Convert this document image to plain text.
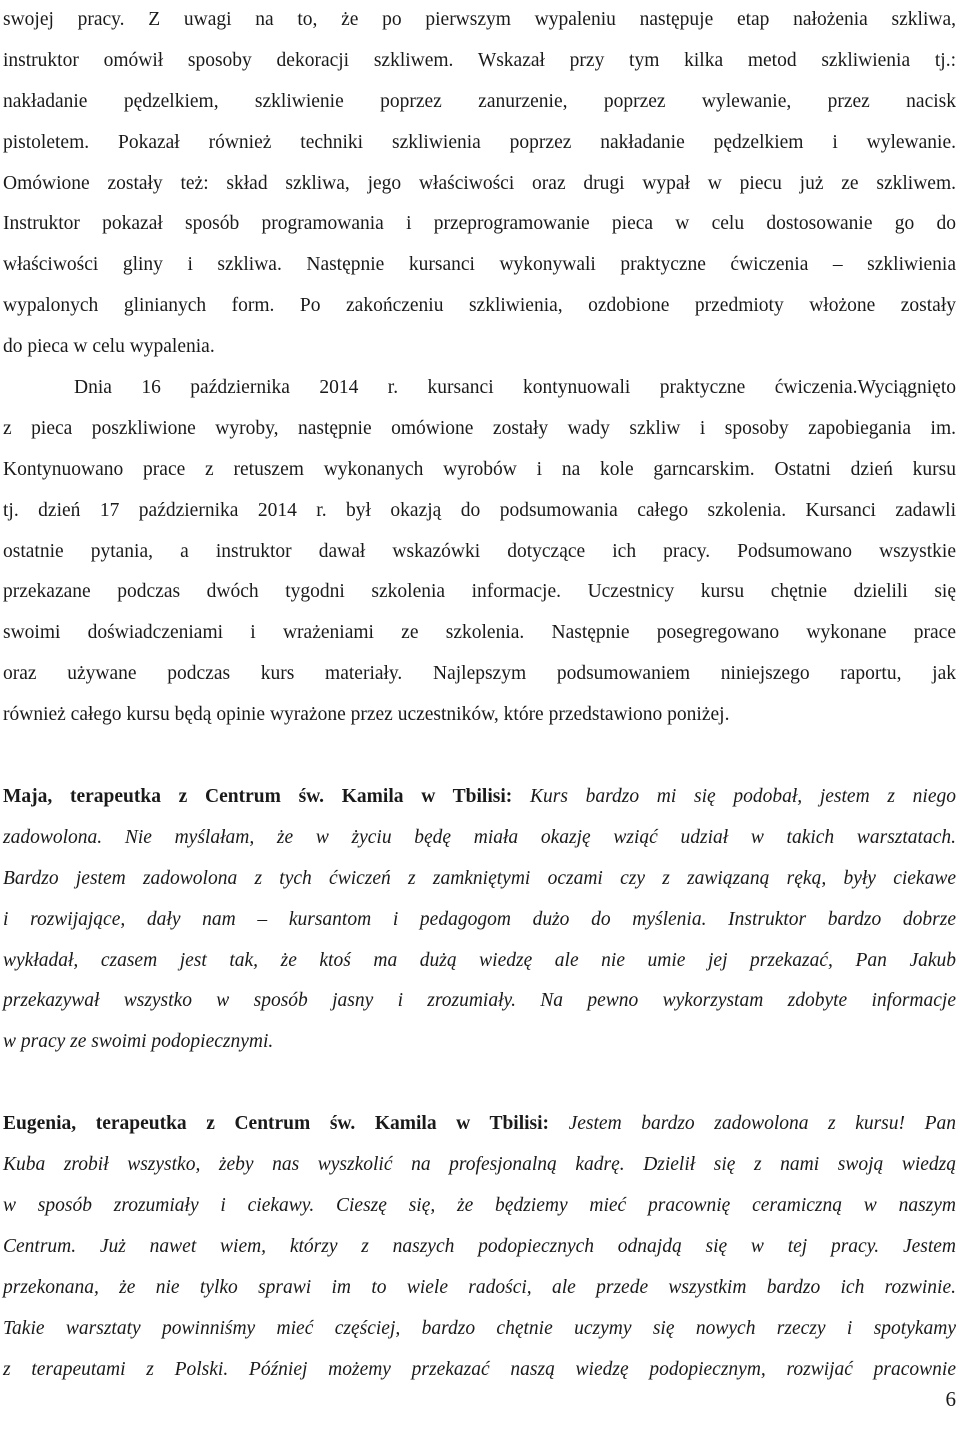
swojej pracy. Z uwagi na to, że po pierwszym wypaleniu następuje etap nałożenia szkliwa,
instruktor omówił sposoby dekoracji szkliwem. Wskazał przy tym kilka metod szkliwienia tj.:
nakładanie pędzelkiem, szkliwienie poprzez zanurzenie, poprzez wylewanie, przez nacisk
pistoletem. Pokazał również techniki szkliwienia poprzez nakładanie pędzelkiem i wylewanie.
Omówione zostały też: skład szkliwa, jego właściwości oraz drugi wypał w piecu już ze szkliwem.
Instruktor pokazał sposób programowania i przeprogramowanie pieca w celu dostosowanie go do
właściwości gliny i szkliwa. Następnie kursanci wykonywali praktyczne ćwiczenia – szkliwienia
wypalonych glinianych form. Po zakończeniu szkliwienia, ozdobione przedmioty włożone zostały
do pieca w celu wypalenia.
Dnia 16 października 2014 r. kursanci kontynuowali praktyczne ćwiczenia.Wyciągnięto
z pieca poszkliwione wyroby, następnie omówione zostały wady szkliw i sposoby zapobiegania im.
Kontynuowano prace z retuszem wykonanych wyrobów i na kole garncarskim. Ostatni dzień kursu
tj. dzień 17 października 2014 r. był okazją do podsumowania całego szkolenia. Kursanci zadawli
ostatnie pytania, a instruktor dawał wskazówki dotyczące ich pracy. Podsumowano wszystkie
przekazane podczas dwóch tygodni szkolenia informacje. Uczestnicy kursu chętnie dzielili się
swoimi doświadczeniami i wrażeniami ze szkolenia. Następnie posegregowano wykonane prace
oraz używane podczas kurs materiały. Najlepszym podsumowaniem niniejszego raportu, jak
również całego kursu będą opinie wyrażone przez uczestników, które przedstawiono poniżej.
Maja, terapeutka z Centrum św. Kamila w Tbilisi: Kurs bardzo mi się podobał, jestem z niego
zadowolona. Nie myślałam, że w życiu będę miała okazję wziąć udział w takich warsztatach.
Bardzo jestem zadowolona z tych ćwiczeń z zamkniętymi oczami czy z zawiązaną ręką, były ciekawe
i rozwijające, dały nam – kursantom i pedagogom dużo do myślenia. Instruktor bardzo dobrze
wykładał, czasem jest tak, że ktoś ma dużą wiedzę ale nie umie jej przekazać, Pan Jakub
przekazywał wszystko w sposób jasny i zrozumiały. Na pewno wykorzystam zdobyte informacje
w pracy ze swoimi podopiecznymi.
Eugenia, terapeutka z Centrum św. Kamila w Tbilisi: Jestem bardzo zadowolona z kursu! Pan
Kuba zrobił wszystko, żeby nas wyszkolić na profesjonalną kadrę. Dzielił się z nami swoją wiedzą
w sposób zrozumiały i ciekawy. Cieszę się, że będziemy mieć pracownię ceramiczną w naszym
Centrum. Już nawet wiem, którzy z naszych podopiecznych odnajdą się w tej pracy. Jestem
przekonana, że nie tylko sprawi im to wiele radości, ale przede wszystkim bardzo ich rozwinie.
Takie warsztaty powinniśmy mieć częściej, bardzo chętnie uczymy się nowych rzeczy i spotykamy
z terapeutami z Polski. Później możemy przekazać naszą wiedzę podopiecznym, rozwijać pracownie
6
